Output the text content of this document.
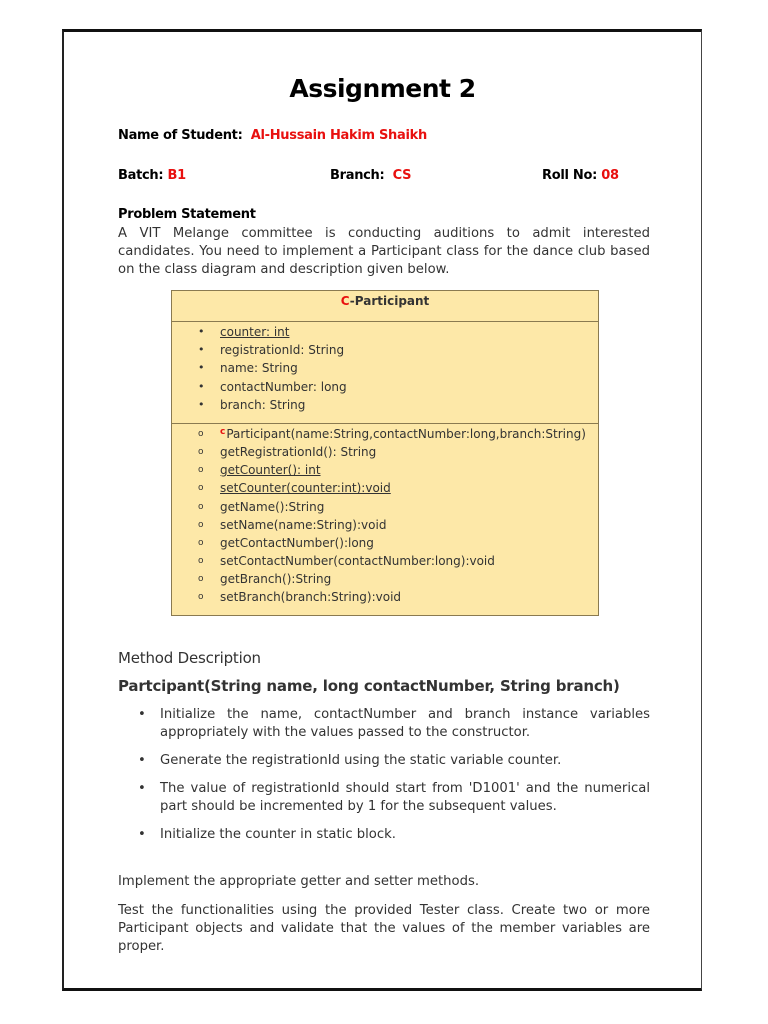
Assignment 2
Name of Student: Al-Hussain Hakim Shaikh
Batch: B1	Branch: CS	Roll No: 08
Problem Statement
A VIT Melange committee is conducting auditions to admit interested candidates. You need to implement a Participant class for the dance club based on the class diagram and description given below.
C-Participant
• counter: int
• registrationId: String
• name: String
• contactNumber: long
• branch: String
o $^c$Participant(name:String,contactNumber:long,branch:String)
o getRegistrationId(): String
o getCounter(): int
o setCounter(counter:int):void
o getName():String
o setName(name:String):void
o getContactNumber():long
o setContactNumber(contactNumber:long):void
o getBranch():String
o setBranch(branch:String):void
Method Description
Partcipant(String name, long contactNumber, String branch)
• Initialize the name, contactNumber and branch instance variables appropriately with the values passed to the constructor.
• Generate the registrationId using the static variable counter.
• The value of registrationId should start from 'D1001' and the numerical part should be incremented by 1 for the subsequent values.
• Initialize the counter in static block.
Implement the appropriate getter and setter methods.
Test the functionalities using the provided Tester class. Create two or more Participant objects and validate that the values of the member variables are proper.
